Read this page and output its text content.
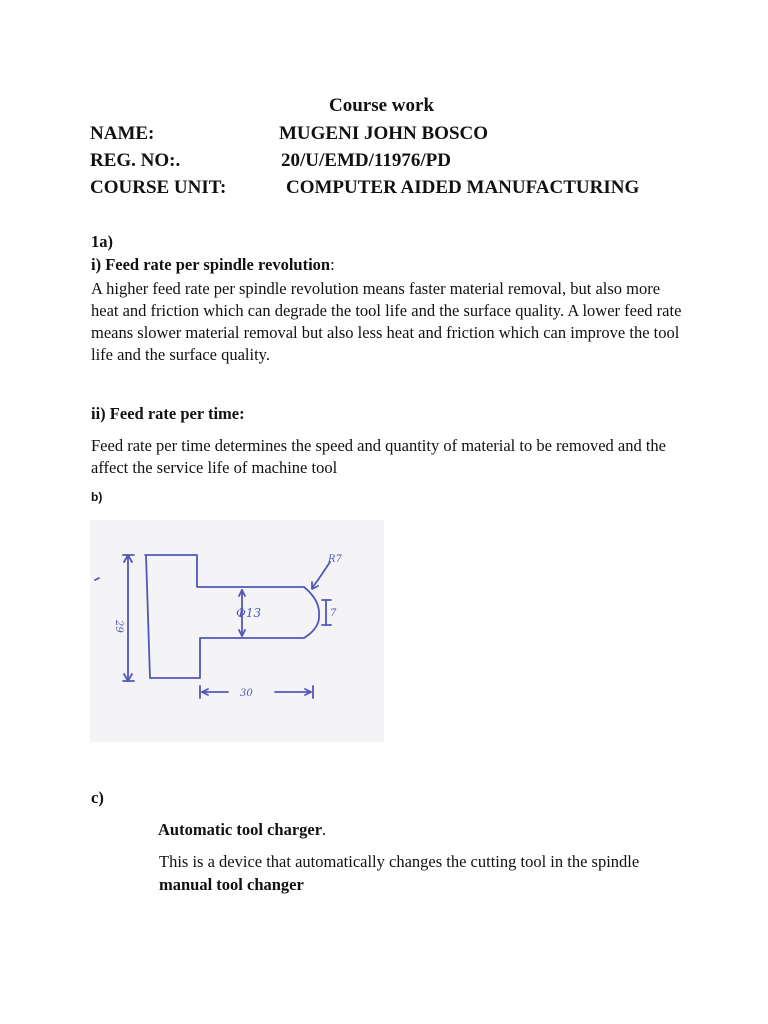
Course work
NAME:	MUGENI JOHN BOSCO
REG. NO:.	20/U/EMD/11976/PD
COURSE UNIT:	COMPUTER AIDED MANUFACTURING
1a)
i) Feed rate per spindle revolution:
A higher feed rate per spindle revolution means faster material removal, but also more heat and friction which can degrade the tool life and the surface quality. A lower feed rate means slower material removal but also less heat and friction which can improve the tool life and the surface quality.
ii) Feed rate per time:
Feed rate per time determines the speed and quantity of material to be removed and the affect the service life of machine tool
b)
29
Φ13
R7
7
30
c)
Automatic tool charger.
This is a device that automatically changes the cutting tool in the spindle
manual tool changer
